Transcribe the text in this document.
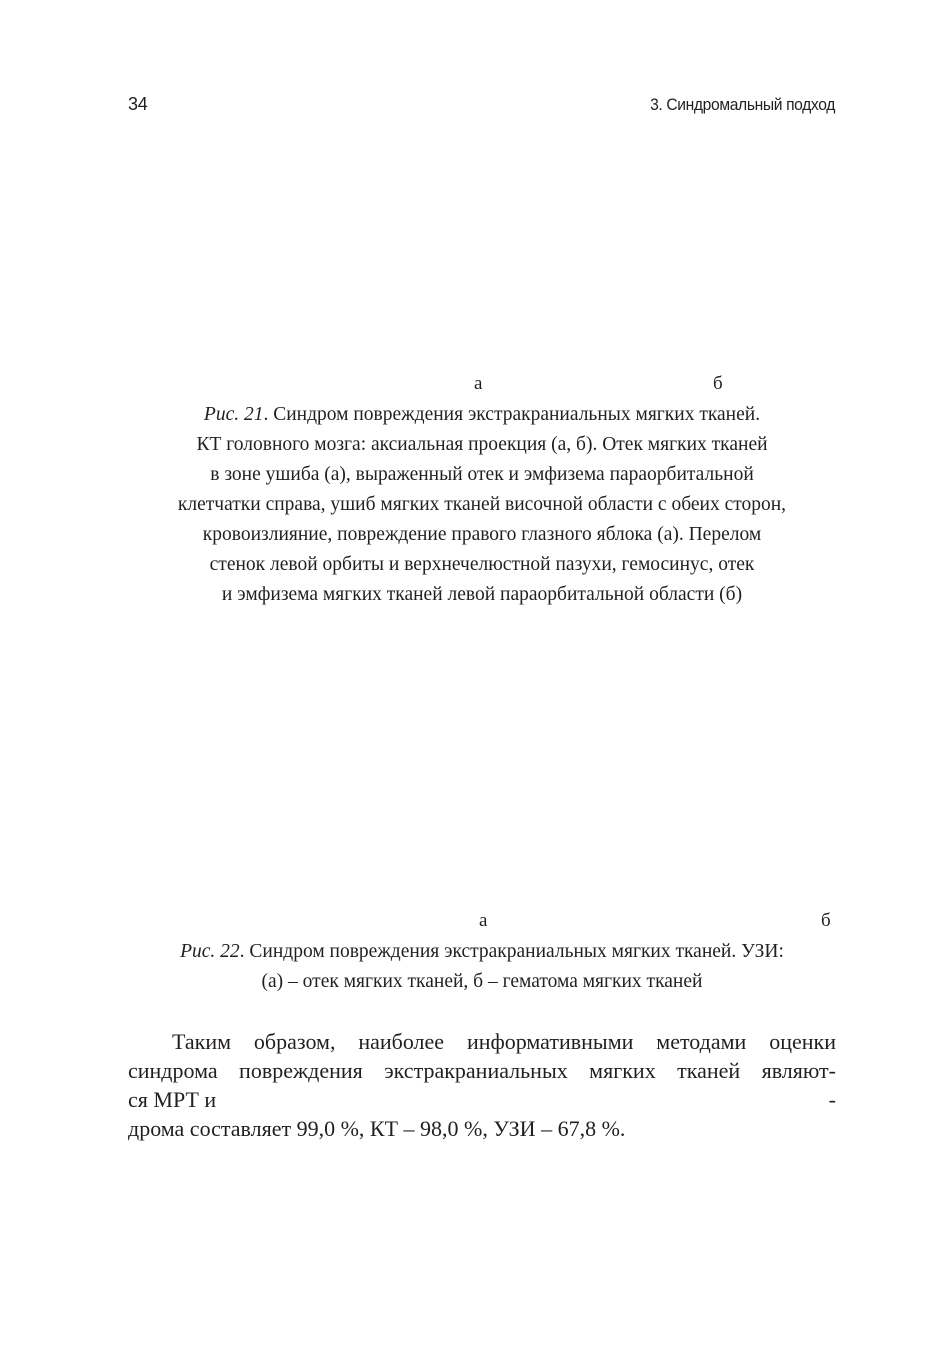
34	3. Синдромальный подход
а	б

Рис. 21. Синдром повреждения экстракраниальных мягких тканей.

КТ головного мозга: аксиальная проекция (а, б). Отек мягких тканей

в зоне ушиба (а), выраженный отек и эмфизема параорбитальной

клетчатки справа, ушиб мягких тканей височной области с обеих сторон,

кровоизлияние, повреждение правого глазного яблока (а). Перелом

стенок левой орбиты и верхнечелюстной пазухи, гемосинус, отек

и эмфизема мягких тканей левой параорбитальной области (б)

а	б

Рис. 22. Синдром повреждения экстракраниальных мягких тканей. УЗИ:

(а) – отек мягких тканей, б – гематома мягких тканей

Таким образом, наиболее информативными методами оценки
синдрома повреждения экстракраниальных мягких тканей являют-
ся МРТ и	-
дрома составляет 99,0 %, КТ – 98,0 %, УЗИ – 67,8 %.
